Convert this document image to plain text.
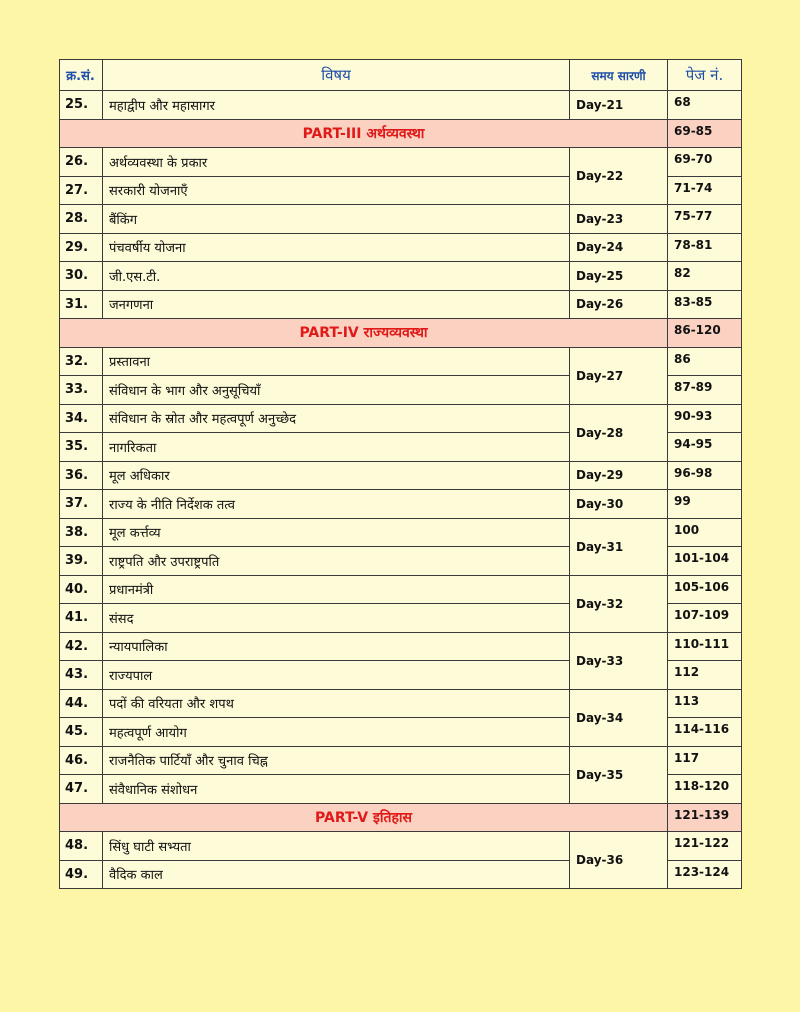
क्र.सं.	विषय	समय सारणी	पेज नं.
25.	महाद्वीप और महासागर	Day-21	68
PART-III अर्थव्यवस्था			69-85
26.	अर्थव्यवस्था के प्रकार	Day-22	69-70
27.	सरकारी योजनाएँ		71-74
28.	बैंकिंग	Day-23	75-77
29.	पंचवर्षीय योजना	Day-24	78-81
30.	जी.एस.टी.	Day-25	82
31.	जनगणना	Day-26	83-85
PART-IV राज्यव्यवस्था			86-120
32.	प्रस्तावना	Day-27	86
33.	संविधान के भाग और अनुसूचियाँ		87-89
34.	संविधान के स्रोत और महत्वपूर्ण अनुच्छेद	Day-28	90-93
35.	नागरिकता		94-95
36.	मूल अधिकार	Day-29	96-98
37.	राज्य के नीति निर्देशक तत्व	Day-30	99
38.	मूल कर्त्तव्य	Day-31	100
39.	राष्ट्रपति और उपराष्ट्रपति		101-104
40.	प्रधानमंत्री	Day-32	105-106
41.	संसद		107-109
42.	न्यायपालिका	Day-33	110-111
43.	राज्यपाल		112
44.	पदों की वरियता और शपथ	Day-34	113
45.	महत्वपूर्ण आयोग		114-116
46.	राजनैतिक पार्टियाँ और चुनाव चिह्न	Day-35	117
47.	संवैधानिक संशोधन		118-120
PART-V इतिहास			121-139
48.	सिंधु घाटी सभ्यता	Day-36	121-122
49.	वैदिक काल		123-124
